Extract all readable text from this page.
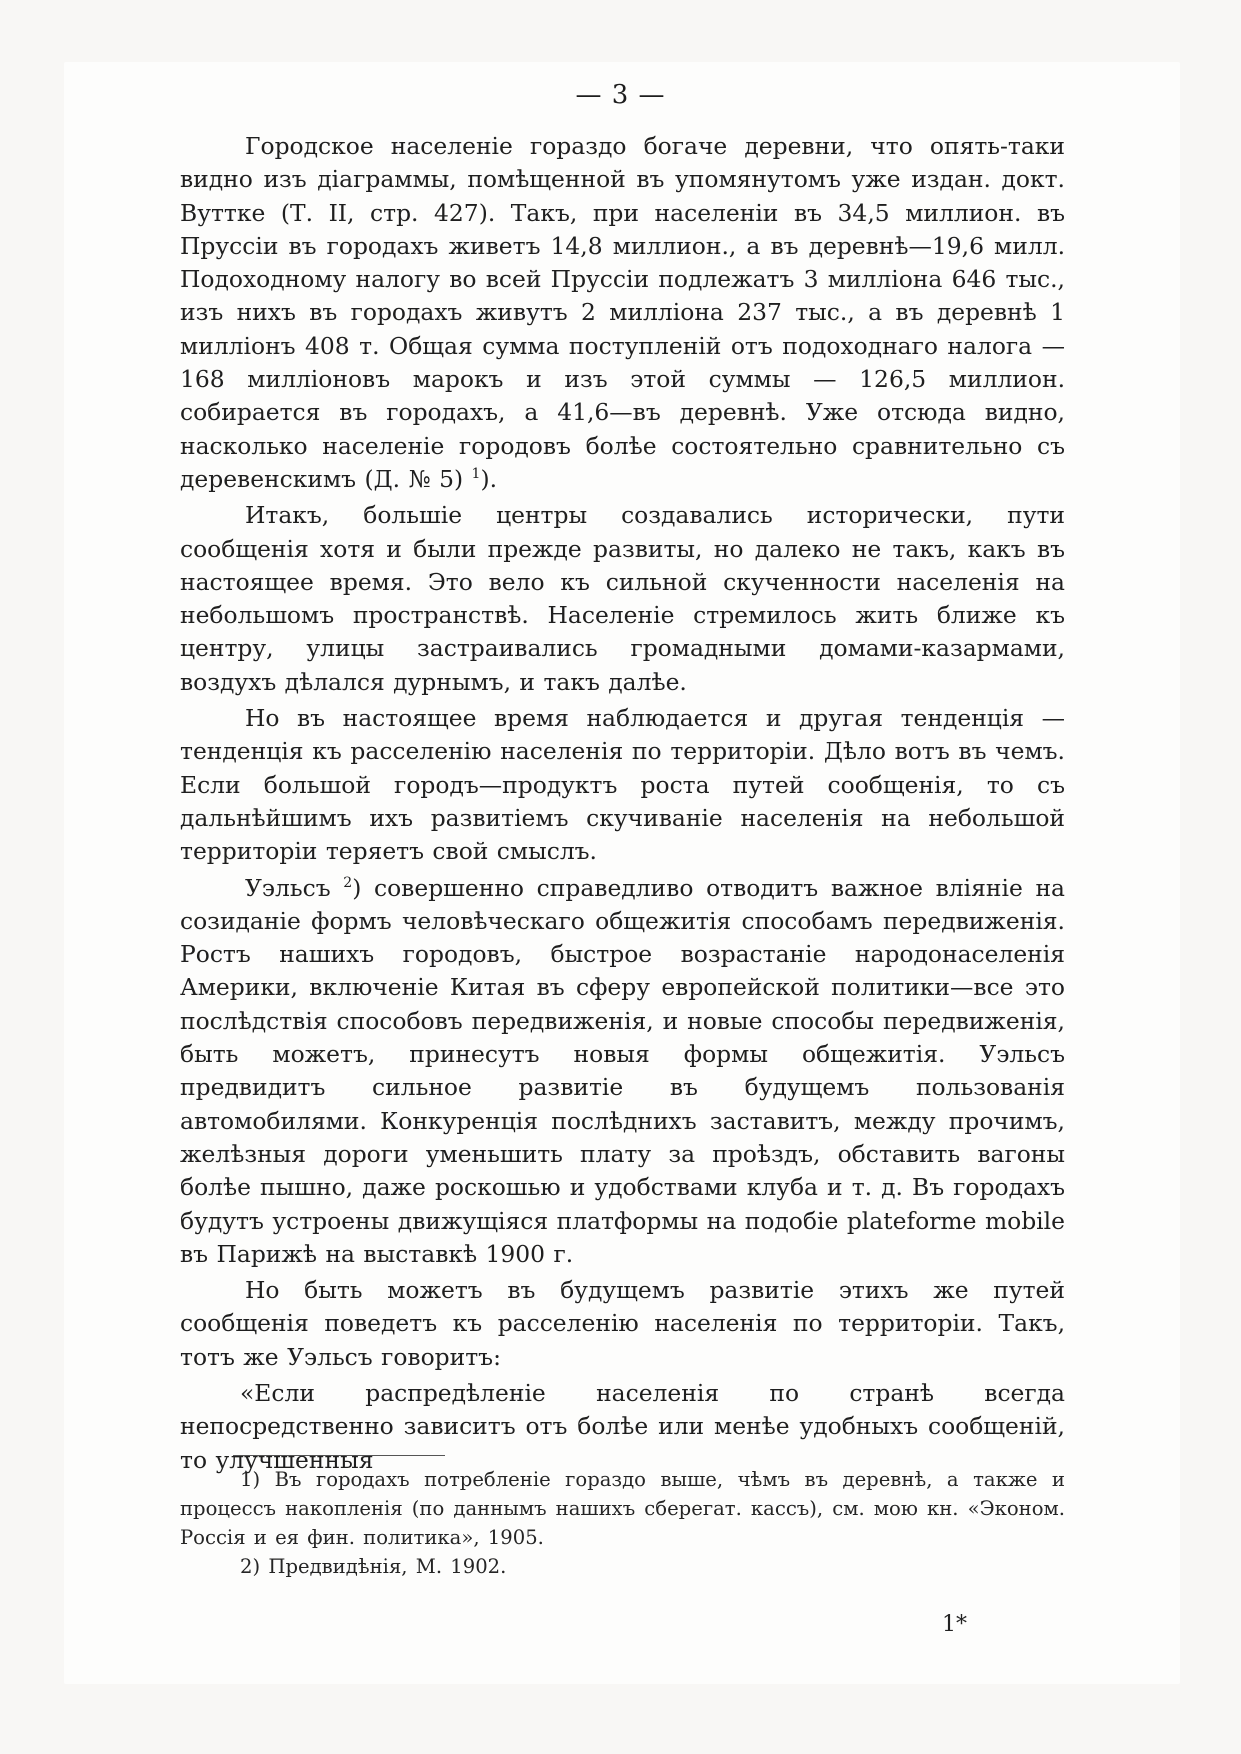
— 3 —

Городское населеніе гораздо богаче деревни, что опять-таки видно изъ діаграммы, помѣщенной въ упомянутомъ уже издан. докт. Вуттке (Т. II, стр. 427). Такъ, при населеніи въ 34,5 миллион. въ Пруссіи въ городахъ живетъ 14,8 миллион., а въ деревнѣ—19,6 милл. Подоходному налогу во всей Пруссіи подлежатъ 3 миллiона 646 тыс., изъ нихъ въ городахъ живутъ 2 миллiона 237 тыс., а въ деревнѣ 1 миллiонъ 408 т. Общая сумма поступленій отъ подоходнаго налога — 168 миллiоновъ марокъ и изъ этой суммы — 126,5 миллион. собирается въ городахъ, а 41,6—въ деревнѣ. Уже отсюда видно, насколько населеніе городовъ болѣе состоятельно сравнительно съ деревенскимъ (Д. № 5) $^1$).

Итакъ, большіе центры создавались исторически, пути сообщенія хотя и были прежде развиты, но далеко не такъ, какъ въ настоящее время. Это вело къ сильной скученности населенія на небольшомъ пространствѣ. Населеніе стремилось жить ближе къ центру, улицы застраивались громадными домами-казармами, воздухъ дѣлался дурнымъ, и такъ далѣе.

Но въ настоящее время наблюдается и другая тенденція — тенденція къ расселенію населенія по территоріи. Дѣло вотъ въ чемъ. Если большой городъ—продуктъ роста путей сообщенія, то съ дальнѣйшимъ ихъ развитіемъ скучиванiе населенія на небольшой территоріи теряетъ свой смыслъ.

Уэльсъ $^2$) совершенно справедливо отводитъ важное вліяніе на созиданіе формъ человѣческаго общежитія способамъ передвиженія. Ростъ нашихъ городовъ, быстрое возрастаніе народонаселенія Америки, включеніе Китая въ сферу европейской политики—все это послѣдствія способовъ передвиженія, и новые способы передвиженія, быть можетъ, принесутъ новыя формы общежитія. Уэльсъ предвидитъ сильное развитіе въ будущемъ пользованія автомобилями. Конкуренція послѣднихъ заставитъ, между прочимъ, желѣзныя дороги уменьшить плату за проѣздъ, обставить вагоны болѣе пышно, даже роскошью и удобствами клуба и т. д. Въ городахъ будутъ устроены движущіяся платформы на подобіе plateforme mobile въ Парижѣ на выставкѣ 1900 г.

Но быть можетъ въ будущемъ развитіе этихъ же путей сообщенія поведетъ къ расселенію населенія по территоріи. Такъ, тотъ же Уэльсъ говоритъ:

«Если распредѣленіе населенія по странѣ всегда непосредственно зависитъ отъ болѣе или менѣе удобныхъ сообщеній, то улучшенныя

1) Въ городахъ потребленіе гораздо выше, чѣмъ въ деревнѣ, а также и процессъ накопленія (по даннымъ нашихъ сберегат. кассъ), см. мою кн. «Эконом. Россія и ея фин. политика», 1905.

2) Предвидѣнія, М. 1902.

1*
